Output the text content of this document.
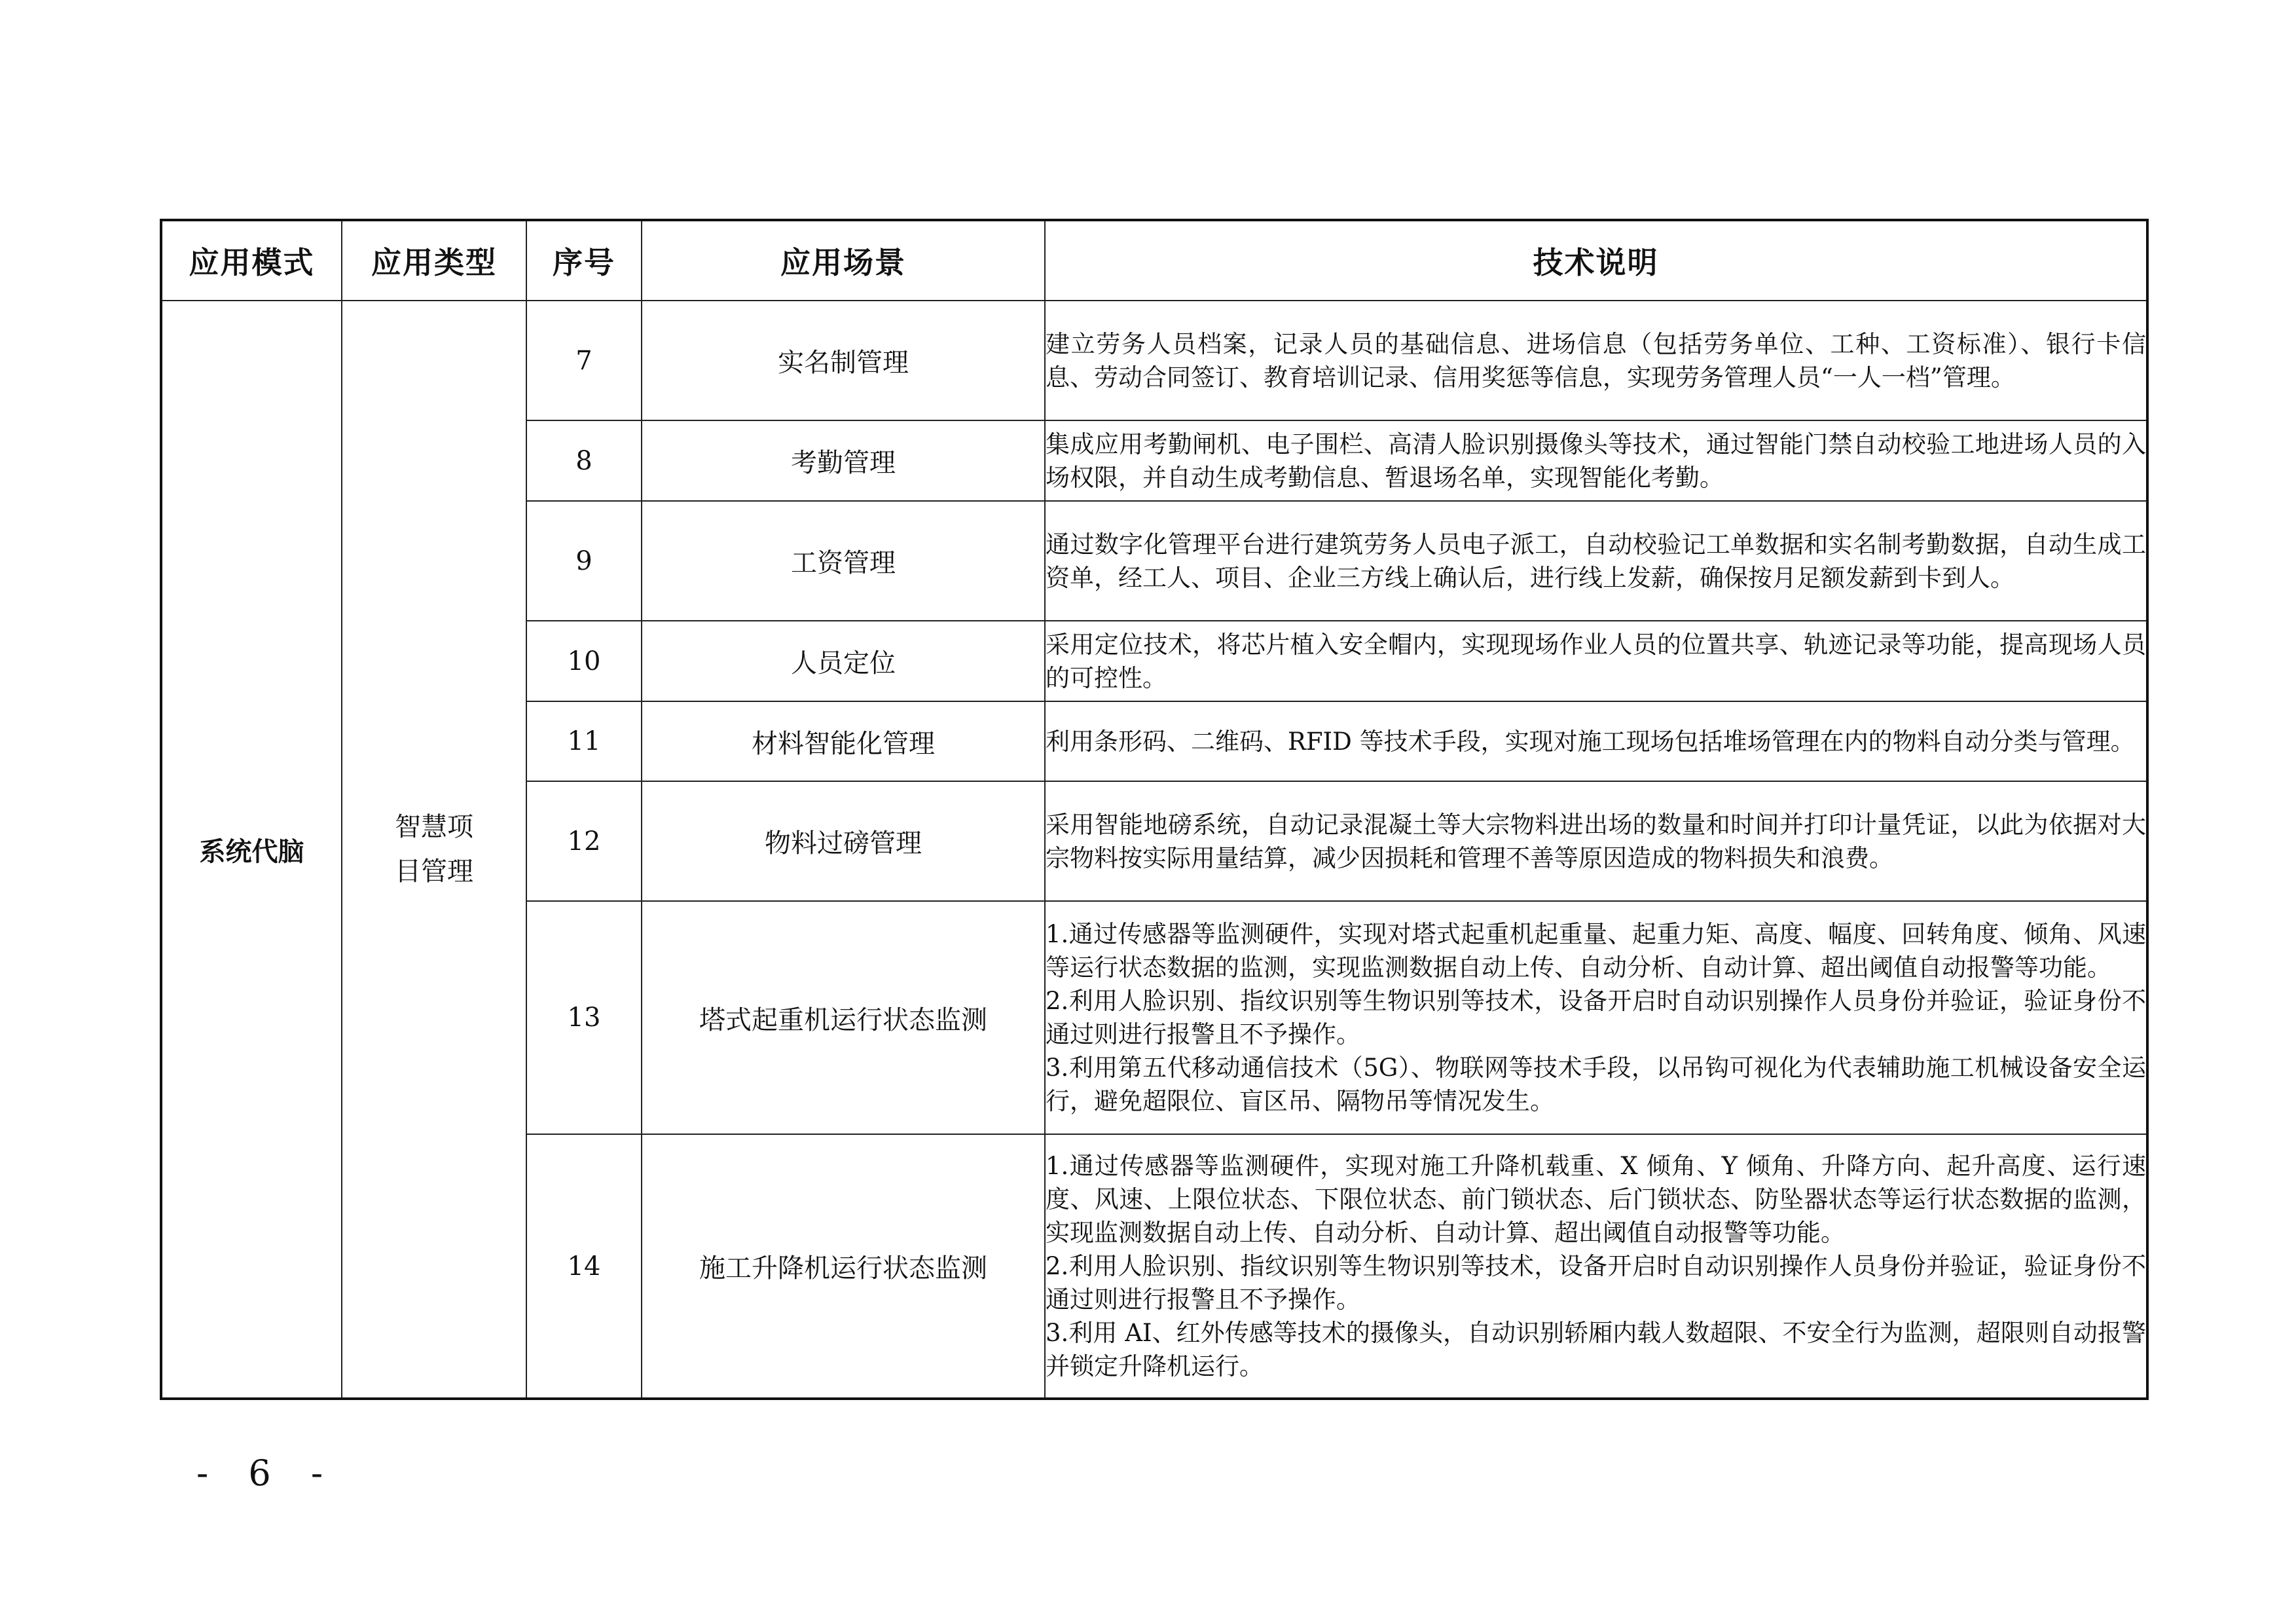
应用模式	应用类型	序号	应用场景	技术说明
系统代脑	智慧项目管理	7	实名制管理	建立劳务人员档案，记录人员的基础信息、进场信息（包括劳务单位、工种、工资标准）、银行卡信息、劳动合同签订、教育培训记录、信用奖惩等信息，实现劳务管理人员“一人一档”管理。
		8	考勤管理	集成应用考勤闸机、电子围栏、高清人脸识别摄像头等技术，通过智能门禁自动校验工地进场人员的入场权限，并自动生成考勤信息、暂退场名单，实现智能化考勤。
		9	工资管理	通过数字化管理平台进行建筑劳务人员电子派工，自动校验记工单数据和实名制考勤数据，自动生成工资单，经工人、项目、企业三方线上确认后，进行线上发薪，确保按月足额发薪到卡到人。
		10	人员定位	采用定位技术，将芯片植入安全帽内，实现现场作业人员的位置共享、轨迹记录等功能，提高现场人员的可控性。
		11	材料智能化管理	利用条形码、二维码、RFID 等技术手段，实现对施工现场包括堆场管理在内的物料自动分类与管理。
		12	物料过磅管理	采用智能地磅系统，自动记录混凝土等大宗物料进出场的数量和时间并打印计量凭证，以此为依据对大宗物料按实际用量结算，减少因损耗和管理不善等原因造成的物料损失和浪费。
		13	塔式起重机运行状态监测	1.通过传感器等监测硬件，实现对塔式起重机起重量、起重力矩、高度、幅度、回转角度、倾角、风速等运行状态数据的监测，实现监测数据自动上传、自动分析、自动计算、超出阈值自动报警等功能。
2.利用人脸识别、指纹识别等生物识别等技术，设备开启时自动识别操作人员身份并验证，验证身份不通过则进行报警且不予操作。
3.利用第五代移动通信技术（5G）、物联网等技术手段，以吊钩可视化为代表辅助施工机械设备安全运行，避免超限位、盲区吊、隔物吊等情况发生。

		14	施工升降机运行状态监测	1.通过传感器等监测硬件，实现对施工升降机载重、X 倾角、Y 倾角、升降方向、起升高度、运行速度、风速、上限位状态、下限位状态、前门锁状态、后门锁状态、防坠器状态等运行状态数据的监测，实现监测数据自动上传、自动分析、自动计算、超出阈值自动报警等功能。
2.利用人脸识别、指纹识别等生物识别等技术，设备开启时自动识别操作人员身份并验证，验证身份不通过则进行报警且不予操作。
3.利用 AI、红外传感等技术的摄像头，自动识别轿厢内载人数超限、不安全行为监测，超限则自动报警并锁定升降机运行。
- 6 -
